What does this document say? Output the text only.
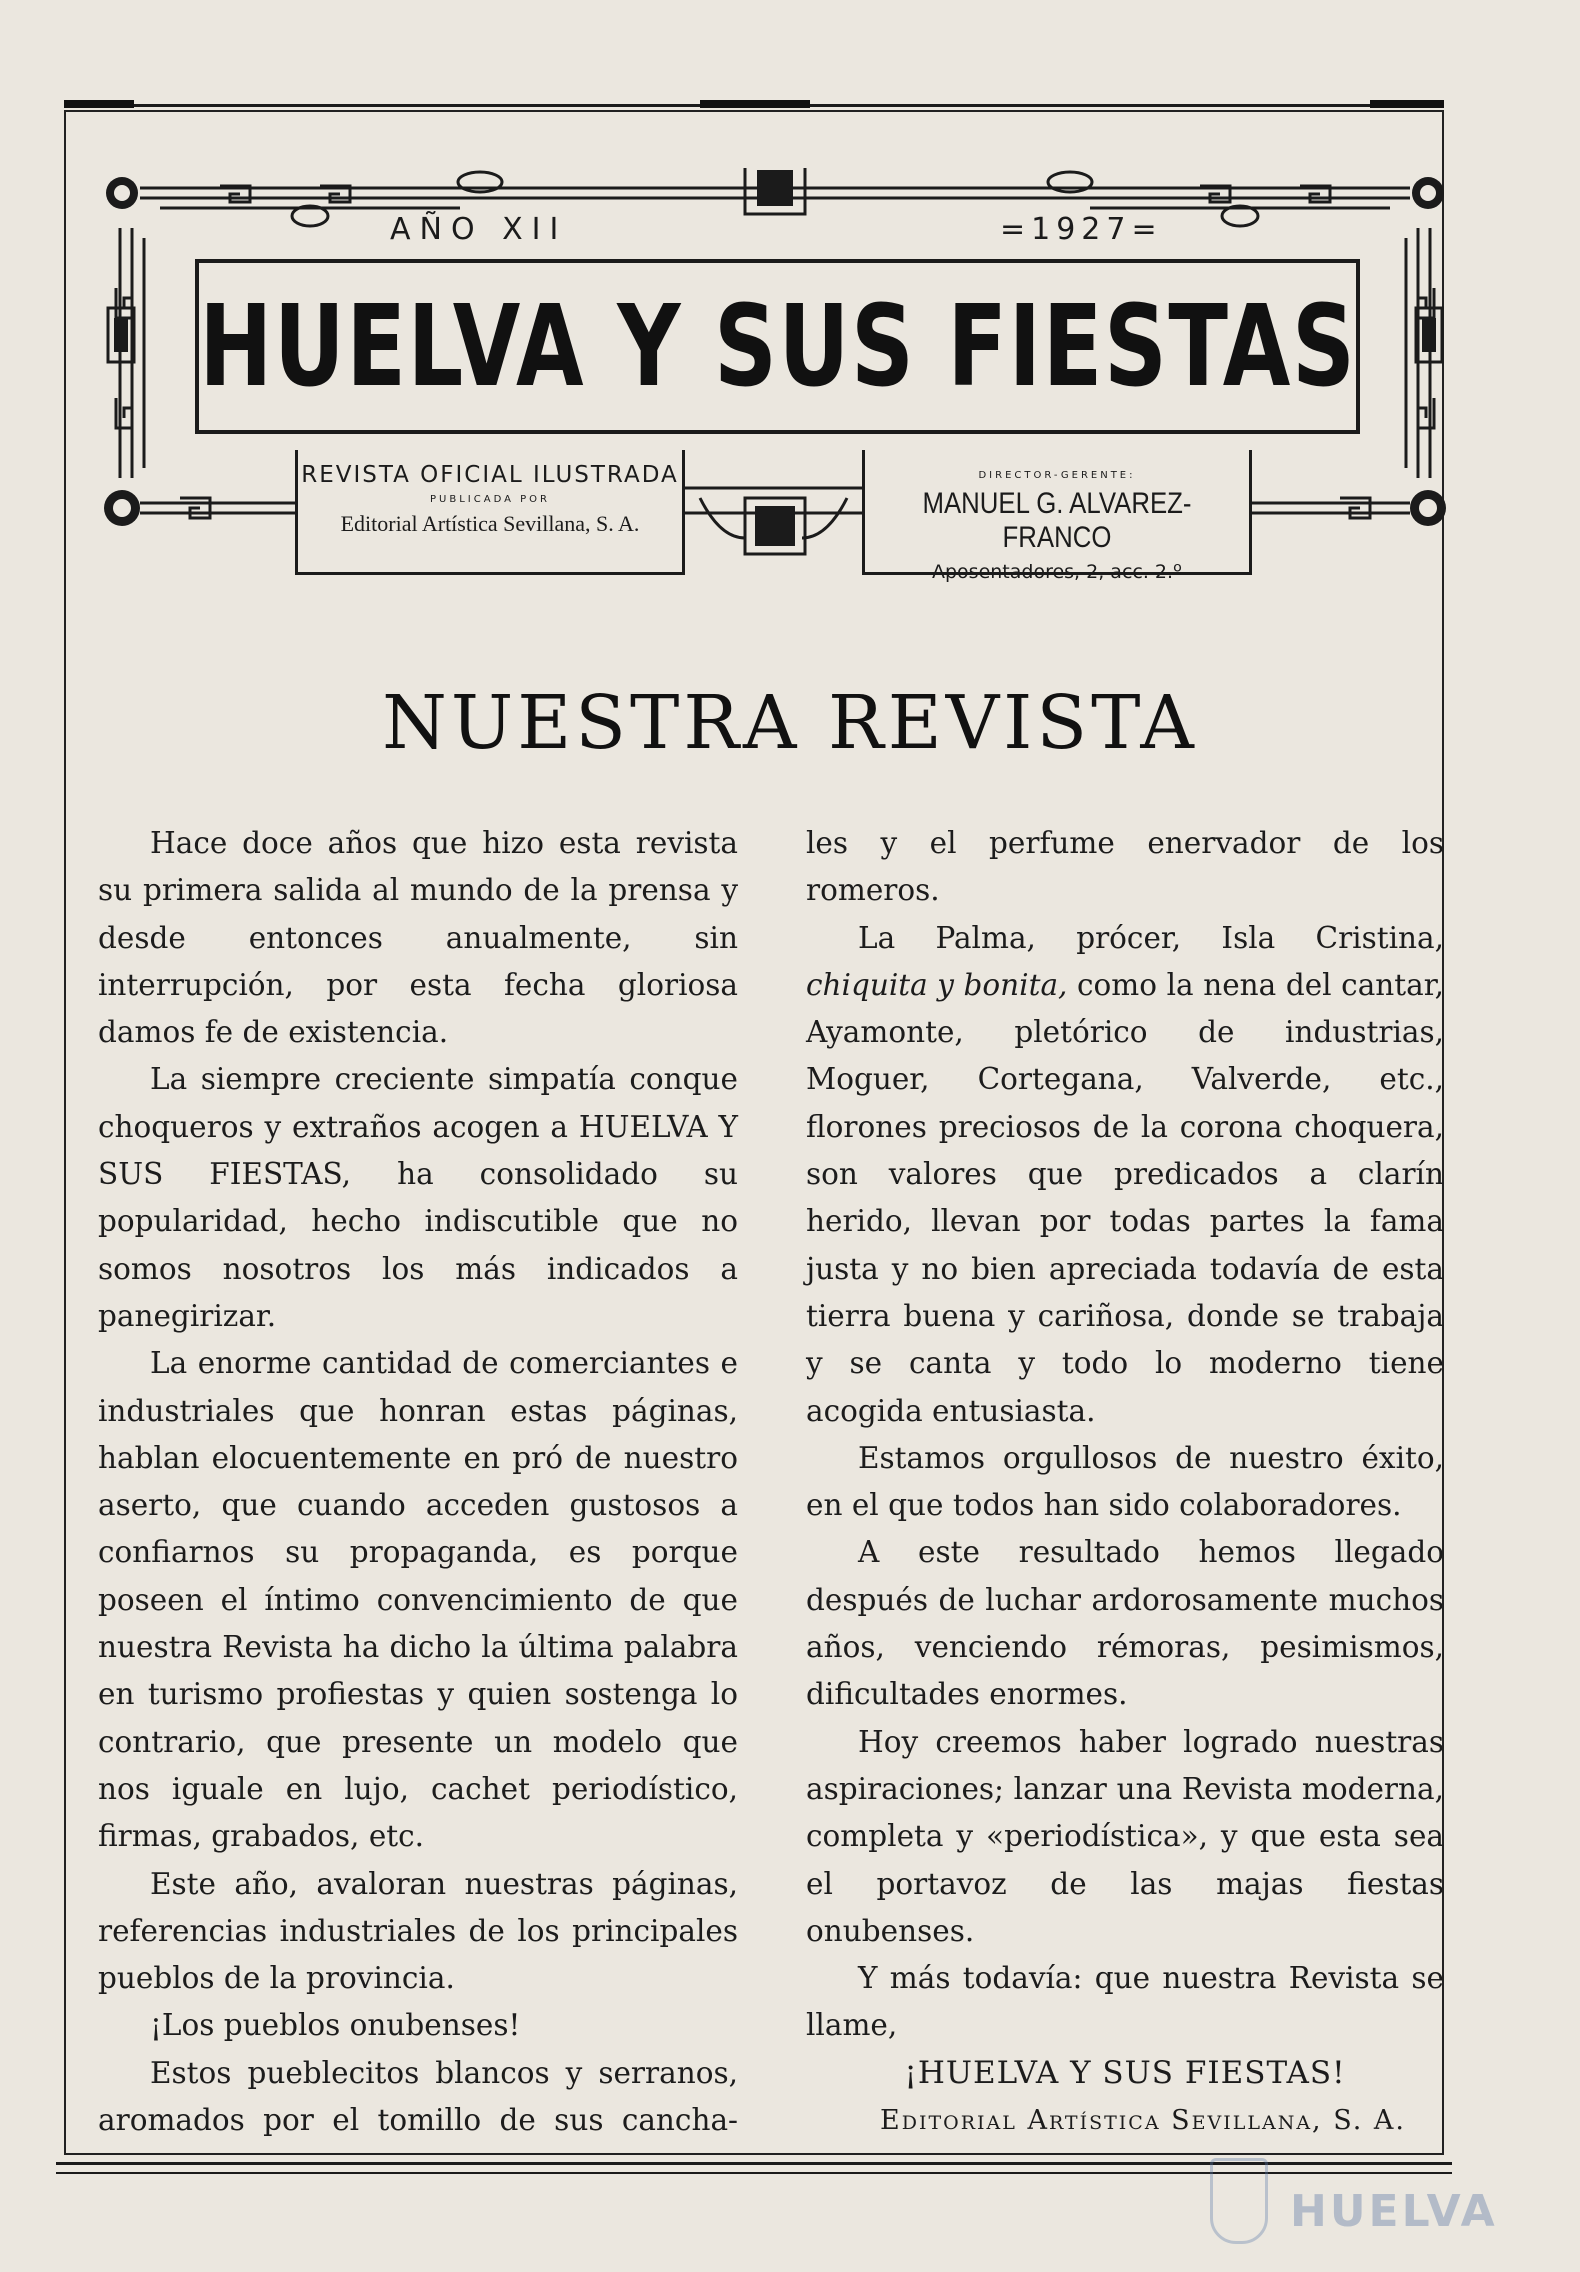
AÑO XII	=1927=
HUELVA Y SUS FIESTAS
REVISTA OFICIAL ILUSTRADA
PUBLICADA POR
Editorial Artística Sevillana, S. A.
DIRECTOR-GERENTE:
MANUEL G. ALVAREZ-FRANCO
Aposentadores, 2, acc. 2.º
NUESTRA REVISTA

Hace doce años que hizo esta revista su primera salida al mundo de la prensa y desde entonces anualmente, sin interrupción, por esta fecha gloriosa damos fe de existencia.

La siempre creciente simpatía conque choqueros y extraños acogen a HUELVA Y SUS FIESTAS, ha consolidado su popularidad, hecho indiscutible que no somos nosotros los más indicados a panegirizar.

La enorme cantidad de comerciantes e industriales que honran estas páginas, hablan elocuentemente en pró de nuestro aserto, que cuando acceden gustosos a confiarnos su propaganda, es porque poseen el íntimo convencimiento de que nuestra Revista ha dicho la última palabra en turismo profiestas y quien sostenga lo contrario, que presente un modelo que nos iguale en lujo, cachet periodístico, firmas, grabados, etc.

Este año, avaloran nuestras páginas, referencias industriales de los principales pueblos de la provincia.

¡Los pueblos onubenses!

Estos pueblecitos blancos y serranos, aromados por el tomillo de sus cancha-

les y el perfume enervador de los romeros.

La Palma, prócer, Isla Cristina, chiquita y bonita, como la nena del cantar, Ayamonte, pletórico de industrias, Moguer, Cortegana, Valverde, etc., florones preciosos de la corona choquera, son valores que predicados a clarín herido, llevan por todas partes la fama justa y no bien apreciada todavía de esta tierra buena y cariñosa, donde se trabaja y se canta y todo lo moderno tiene acogida entusiasta.

Estamos orgullosos de nuestro éxito, en el que todos han sido colaboradores.

A este resultado hemos llegado después de luchar ardorosamente muchos años, venciendo rémoras, pesimismos, dificultades enormes.

Hoy creemos haber logrado nuestras aspiraciones; lanzar una Revista moderna, completa y «periodística», y que esta sea el portavoz de las majas fiestas onubenses.

Y más todavía: que nuestra Revista se llame,

¡HUELVA Y SUS FIESTAS!

Editorial Artística Sevillana, S. A.

HUELVA
